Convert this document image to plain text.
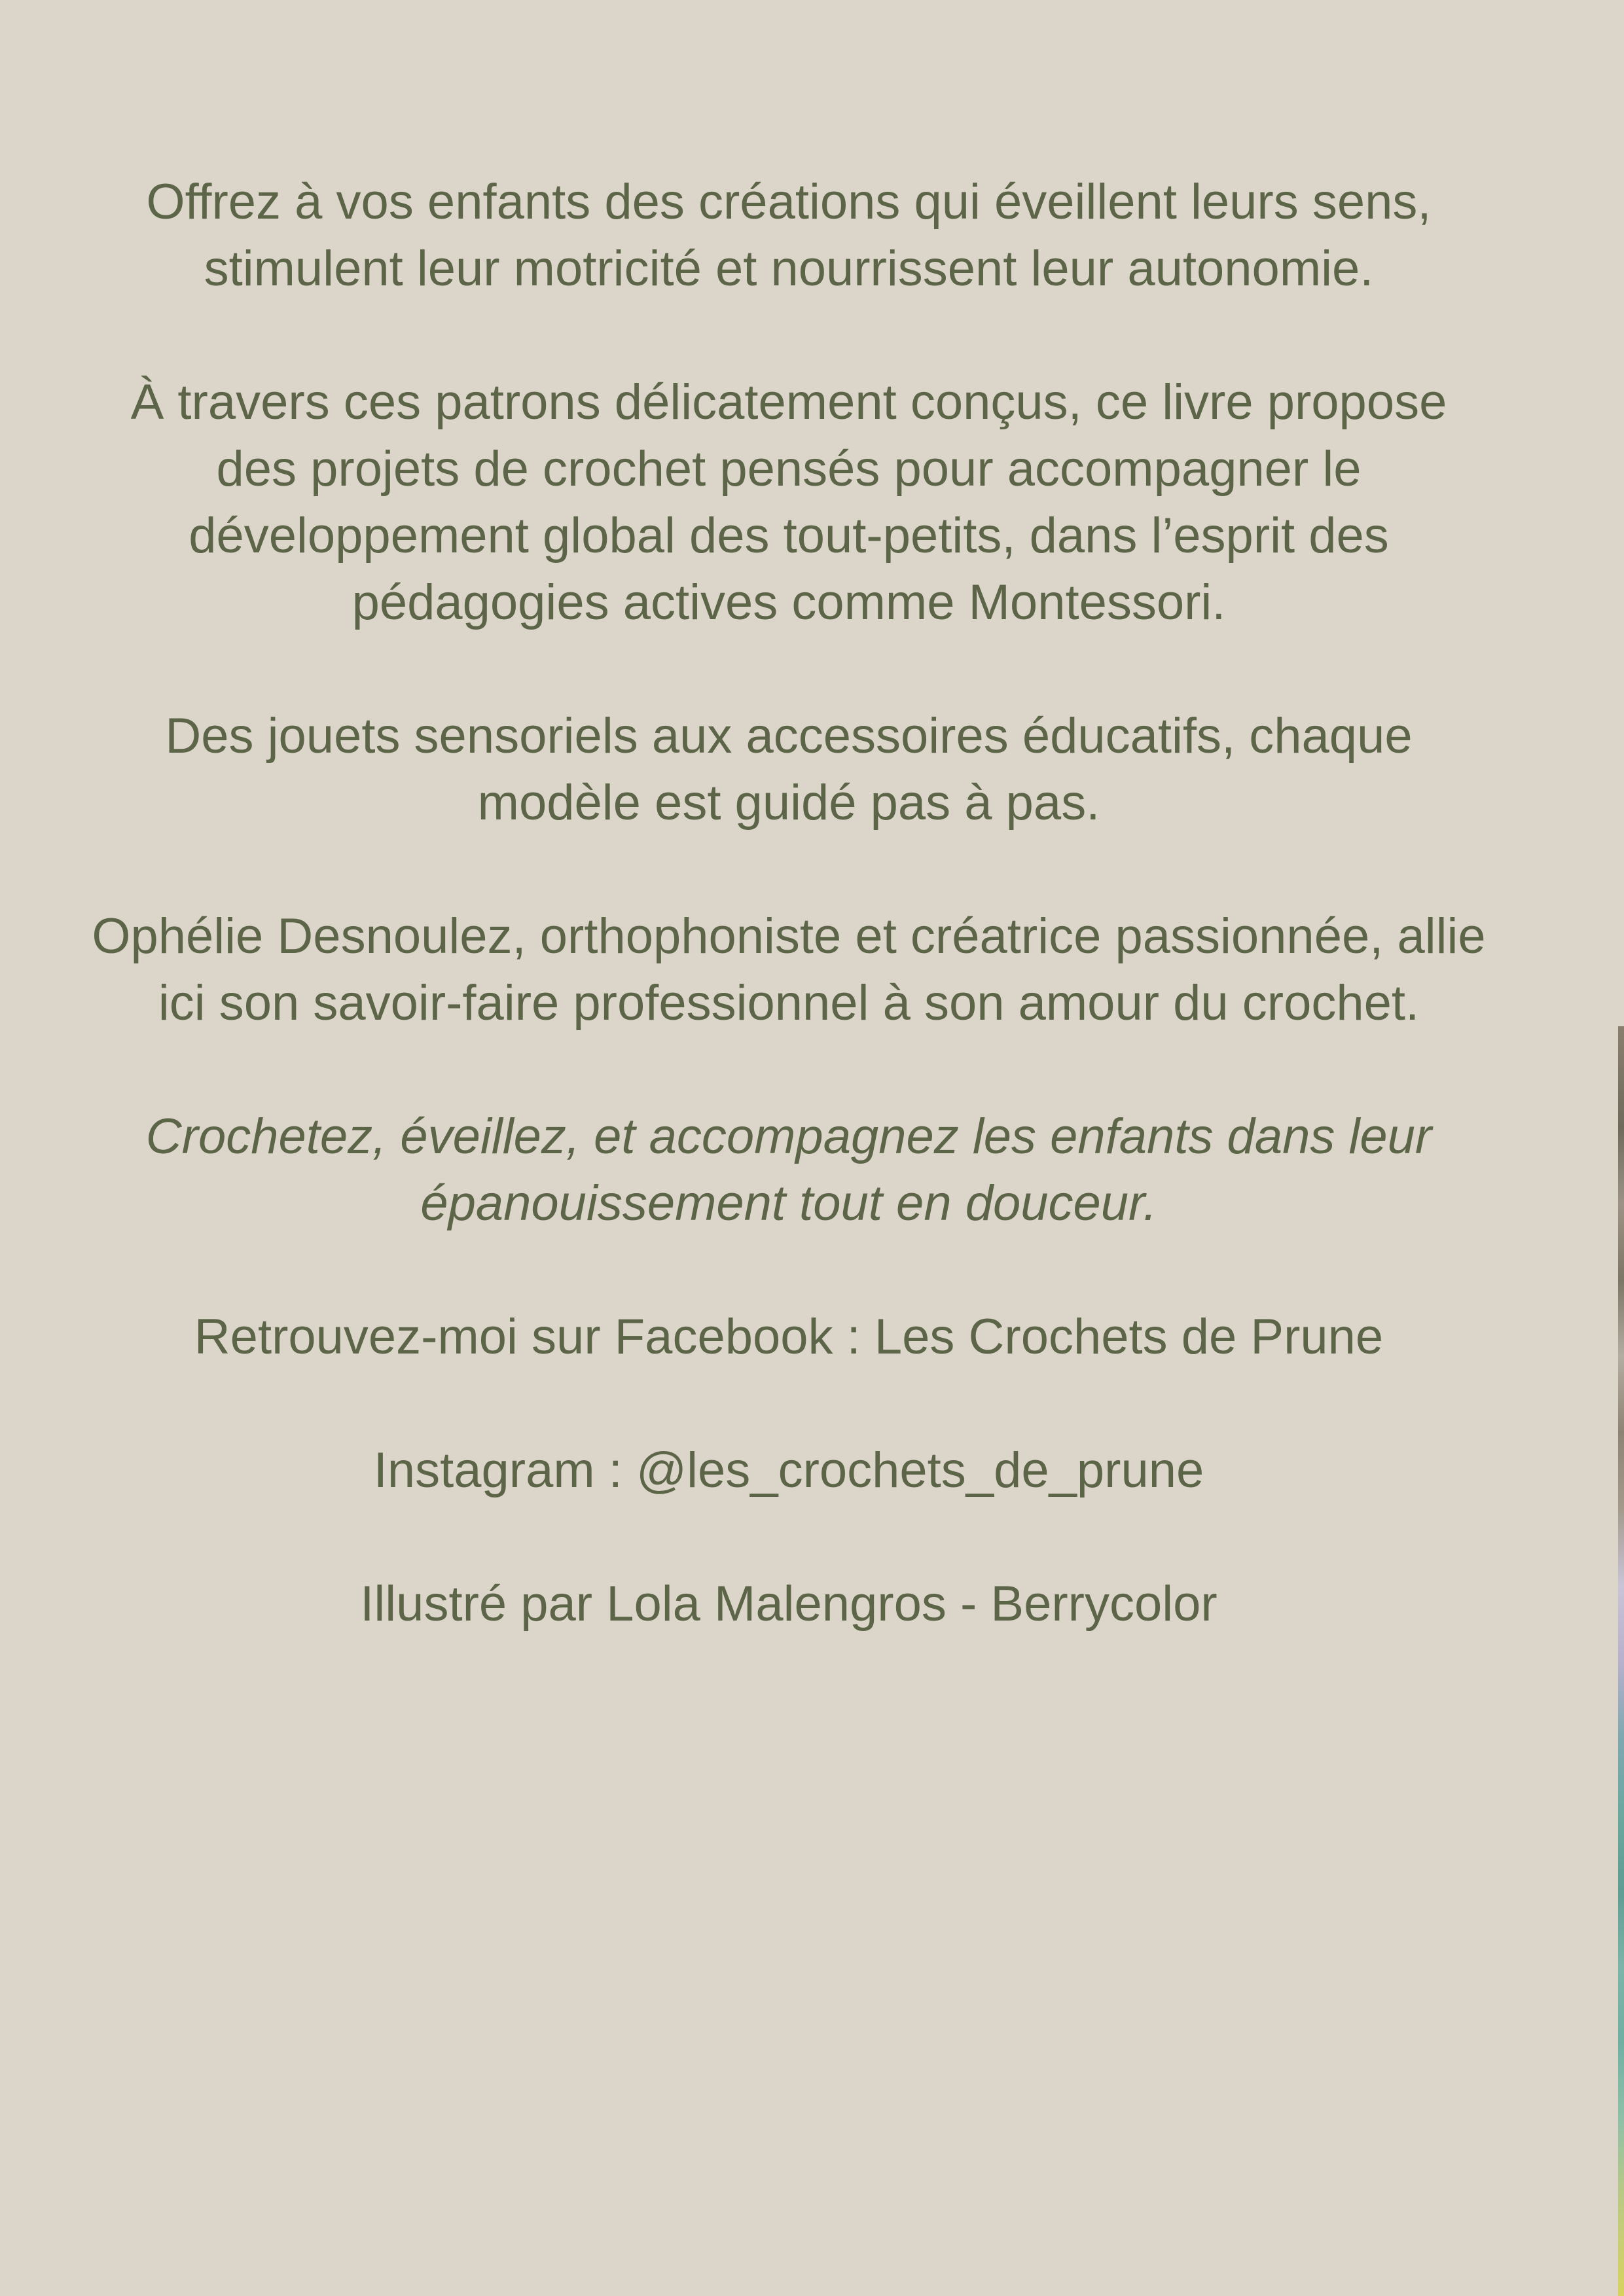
Offrez à vos enfants des créations qui éveillent leurs sens, stimulent leur motricité et nourrissent leur autonomie.

À travers ces patrons délicatement conçus, ce livre propose des projets de crochet pensés pour accompagner le développement global des tout-petits, dans l’esprit des pédagogies actives comme Montessori.

Des jouets sensoriels aux accessoires éducatifs, chaque modèle est guidé pas à pas.

Ophélie Desnoulez, orthophoniste et créatrice passionnée, allie ici son savoir-faire professionnel à son amour du crochet.

Crochetez, éveillez, et accompagnez les enfants dans leur épanouissement tout en douceur.

Retrouvez-moi sur Facebook : Les Crochets de Prune

Instagram : @les_crochets_de_prune

Illustré par Lola Malengros - Berrycolor
